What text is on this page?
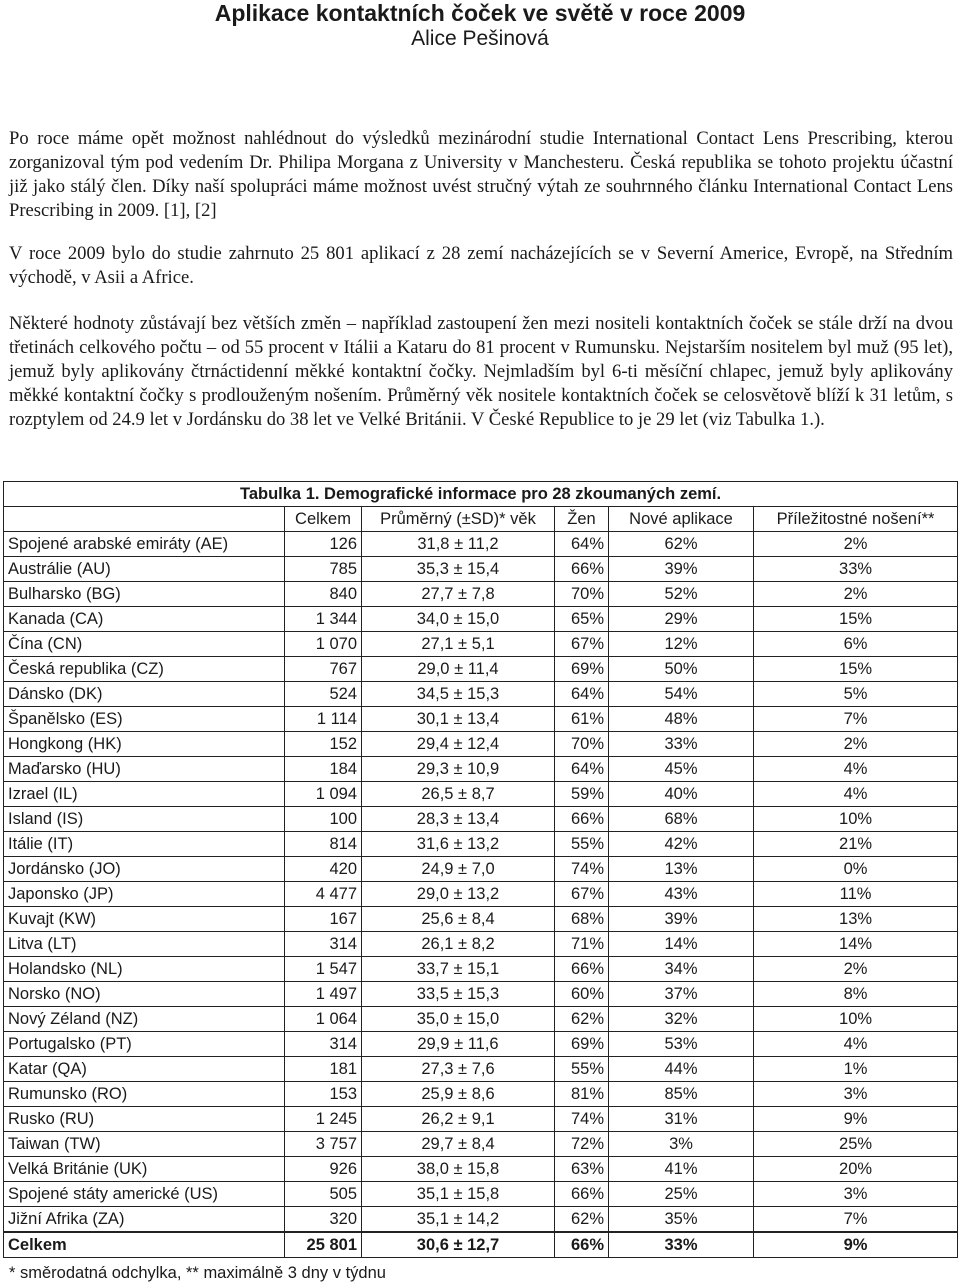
Aplikace kontaktních čoček ve světě v roce 2009
Alice Pešinová

Po roce máme opět možnost nahlédnout do výsledků mezinárodní studie International Contact Lens Prescribing, kterou zorganizoval tým pod vedením Dr. Philipa Morgana z University v Manchesteru. Česká republika se tohoto projektu účastní již jako stálý člen. Díky naší spolupráci máme možnost uvést stručný výtah ze souhrnného článku International Contact Lens Prescribing in 2009. [1], [2]

V roce 2009 bylo do studie zahrnuto 25 801 aplikací z 28 zemí nacházejících se v Severní Americe, Evropě, na Středním východě, v Asii a Africe.

Některé hodnoty zůstávají bez větších změn – například zastoupení žen mezi nositeli kontaktních čoček se stále drží na dvou třetinách celkového počtu – od 55 procent v Itálii a Kataru do 81 procent v Rumunsku. Nejstarším nositelem byl muž (95 let), jemuž byly aplikovány čtrnáctidenní měkké kontaktní čočky. Nejmladším byl 6-ti měsíční chlapec, jemuž byly aplikovány měkké kontaktní čočky s prodlouženým nošením. Průměrný věk nositele kontaktních čoček se celosvětově blíží k 31 letům, s rozptylem od 24.9 let v Jordánsku do 38 let ve Velké Británii. V České Republice to je 29 let (viz Tabulka 1.).

Tabulka 1. Demografické informace pro 28 zkoumaných zemí.					
	Celkem	Průměrný (±SD)* věk	Žen	Nové aplikace	Příležitostné nošení**
Spojené arabské emiráty (AE)	126	31,8 ± 11,2	64%	62%	2%
Austrálie (AU)	785	35,3 ± 15,4	66%	39%	33%
Bulharsko (BG)	840	27,7 ± 7,8	70%	52%	2%
Kanada (CA)	1 344	34,0 ± 15,0	65%	29%	15%
Čína (CN)	1 070	27,1 ± 5,1	67%	12%	6%
Česká republika (CZ)	767	29,0 ± 11,4	69%	50%	15%
Dánsko (DK)	524	34,5 ± 15,3	64%	54%	5%
Španělsko (ES)	1 114	30,1 ± 13,4	61%	48%	7%
Hongkong (HK)	152	29,4 ± 12,4	70%	33%	2%
Maďarsko (HU)	184	29,3 ± 10,9	64%	45%	4%
Izrael (IL)	1 094	26,5 ± 8,7	59%	40%	4%
Island (IS)	100	28,3 ± 13,4	66%	68%	10%
Itálie (IT)	814	31,6 ± 13,2	55%	42%	21%
Jordánsko (JO)	420	24,9 ± 7,0	74%	13%	0%
Japonsko (JP)	4 477	29,0 ± 13,2	67%	43%	11%
Kuvajt (KW)	167	25,6 ± 8,4	68%	39%	13%
Litva (LT)	314	26,1 ± 8,2	71%	14%	14%
Holandsko (NL)	1 547	33,7 ± 15,1	66%	34%	2%
Norsko (NO)	1 497	33,5 ± 15,3	60%	37%	8%
Nový Zéland (NZ)	1 064	35,0 ± 15,0	62%	32%	10%
Portugalsko (PT)	314	29,9 ± 11,6	69%	53%	4%
Katar (QA)	181	27,3 ± 7,6	55%	44%	1%
Rumunsko (RO)	153	25,9 ± 8,6	81%	85%	3%
Rusko (RU)	1 245	26,2 ± 9,1	74%	31%	9%
Taiwan (TW)	3 757	29,7 ± 8,4	72%	3%	25%
Velká Británie (UK)	926	38,0 ± 15,8	63%	41%	20%
Spojené státy americké (US)	505	35,1 ± 15,8	66%	25%	3%
Jižní Afrika (ZA)	320	35,1 ± 14,2	62%	35%	7%
Celkem	25 801	30,6 ± 12,7	66%	33%	9%
* směrodatná odchylka, ** maximálně 3 dny v týdnu
